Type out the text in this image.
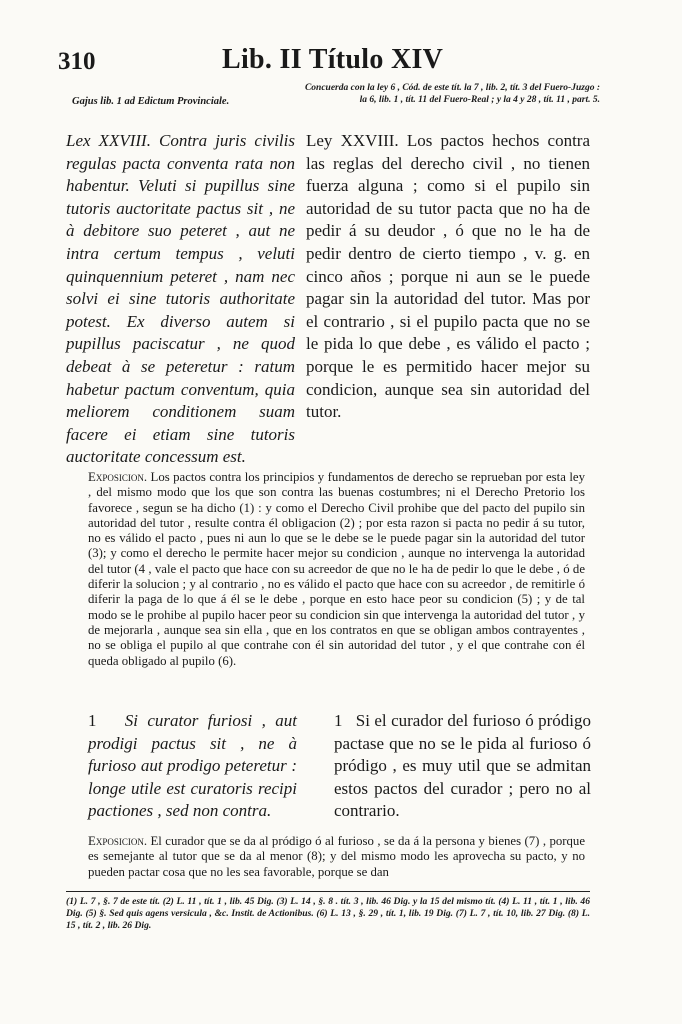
310	Lib. II Título XIV
Gajus lib. 1 ad Edictum Provinciale.
Concuerda con la ley 6 , Cód. de este tít. la 7 , lib. 2, tít. 3 del Fuero-Juzgo : la 6, lib. 1 , tít. 11 del Fuero-Real ; y la 4 y 28 , tít. 11 , part. 5.
Lex XXVIII. Contra juris civilis regulas pacta conventa rata non habentur. Veluti si pupillus sine tutoris auctoritate pactus sit , ne à debitore suo peteret , aut ne intra certum tempus , veluti quinquennium peteret , nam nec solvi ei sine tutoris authoritate potest. Ex diverso autem si pupillus paciscatur , ne quod debeat à se peteretur : ratum habetur pactum conventum, quia meliorem conditionem suam facere ei etiam sine tutoris auctoritate concessum est.
Ley XXVIII. Los pactos hechos contra las reglas del derecho civil , no tienen fuerza alguna ; como si el pupilo sin autoridad de su tutor pacta que no ha de pedir á su deudor , ó que no le ha de pedir dentro de cierto tiempo , v. g. en cinco años ; porque ni aun se le puede pagar sin la autoridad del tutor. Mas por el contrario , si el pupilo pacta que no se le pida lo que debe , es válido el pacto ; porque le es permitido hacer mejor su condicion, aunque sea sin autoridad del tutor.
Exposicion. Los pactos contra los principios y fundamentos de derecho se reprueban por esta ley , del mismo modo que los que son contra las buenas costumbres; ni el Derecho Pretorio los favorece , segun se ha dicho (1) : y como el Derecho Civil prohibe que del pacto del pupilo sin autoridad del tutor , resulte contra él obligacion (2) ; por esta razon si pacta no pedir á su tutor, no es válido el pacto , pues ni aun lo que se le debe se le puede pagar sin la autoridad del tutor (3); y como el derecho le permite hacer mejor su condicion , aunque no intervenga la autoridad del tutor (4 , vale el pacto que hace con su acreedor de que no le ha de pedir lo que le debe , ó de diferir la solucion ; y al contrario , no es válido el pacto que hace con su acreedor , de remitirle ó diferir la paga de lo que á él se le debe , porque en esto hace peor su condicion (5) ; y de tal modo se le prohibe al pupilo hacer peor su condicion sin que intervenga la autoridad del tutor , y de mejorarla , aunque sea sin ella , que en los contratos en que se obligan ambos contrayentes , no se obliga el pupilo al que contrahe con él sin autoridad del tutor , y el que contrahe con él queda obligado al pupilo (6).
1 Si curator furiosi , aut prodigi pactus sit , ne à furioso aut prodigo peteretur : longe utile est curatoris recipi pactiones , sed non contra.
1 Si el curador del furioso ó pródigo pactase que no se le pida al furioso ó pródigo , es muy util que se admitan estos pactos del curador ; pero no al contrario.
Exposicion. El curador que se da al pródigo ó al furioso , se da á la persona y bienes (7) , porque es semejante al tutor que se da al menor (8); y del mismo modo les aprovecha su pacto, y no pueden pactar cosa que no les sea favorable, porque se dan
(1) L. 7 , §. 7 de este tít. (2) L. 11 , tít. 1 , lib. 45 Dig. (3) L. 14 , §. 8 . tít. 3 , lib. 46 Dig. y la 15 del mismo tít. (4) L. 11 , tít. 1 , lib. 46 Dig. (5) §. Sed quis agens versicula , &c. Instit. de Actionibus. (6) L. 13 , §. 29 , tít. 1, lib. 19 Dig. (7) L. 7 , tít. 10, lib. 27 Dig. (8) L. 15 , tít. 2 , lib. 26 Dig.
